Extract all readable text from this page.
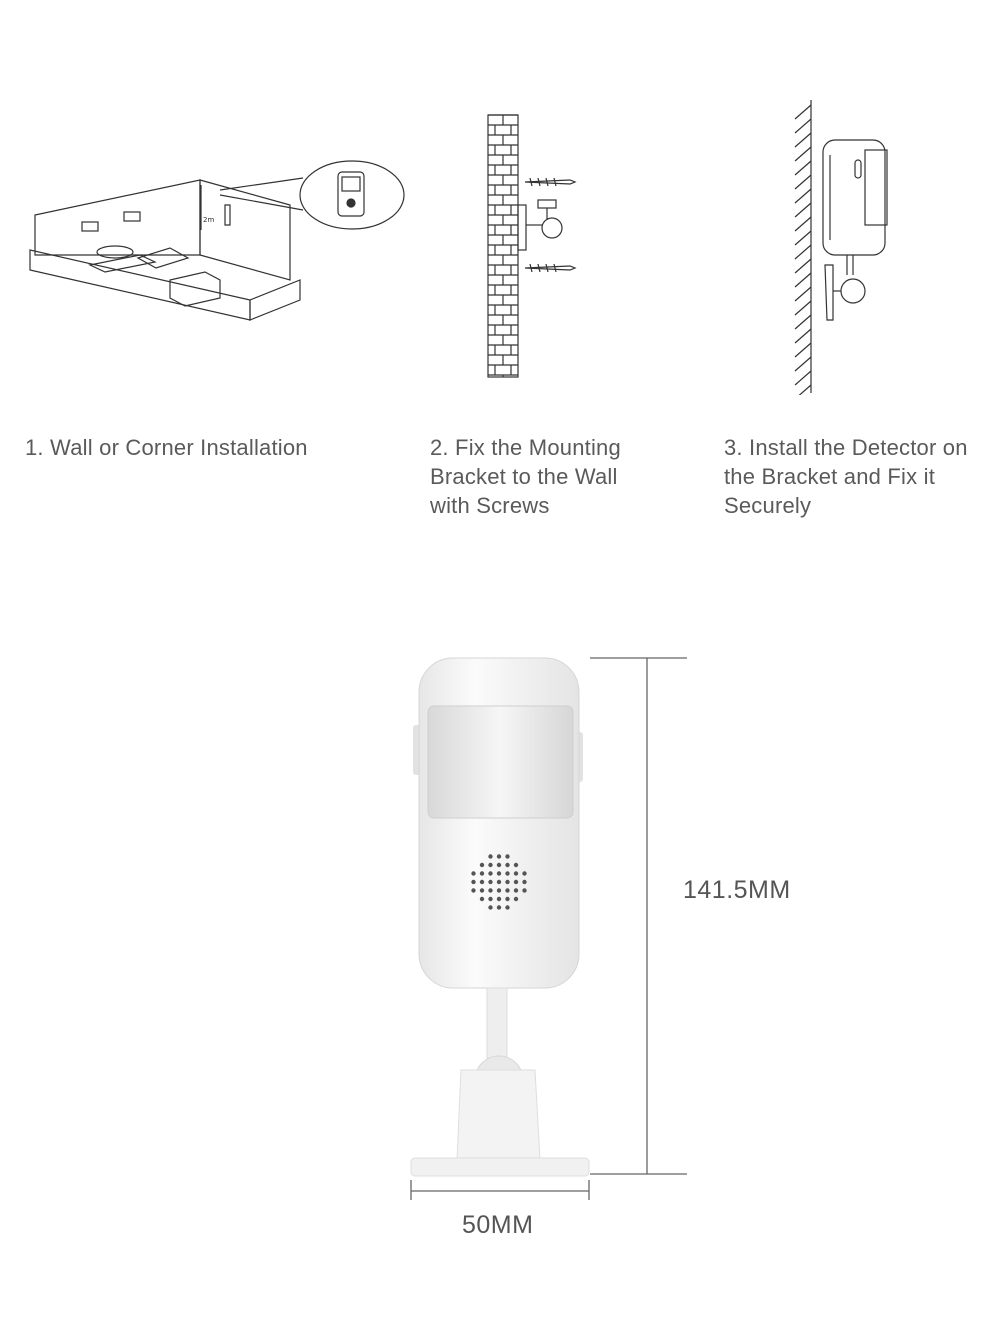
2m
1. Wall or Corner Installation	2. Fix the Mounting Bracket to the Wall with Screws
3. Install the Detector on the Bracket and Fix it Securely
141.5MM
50MM
